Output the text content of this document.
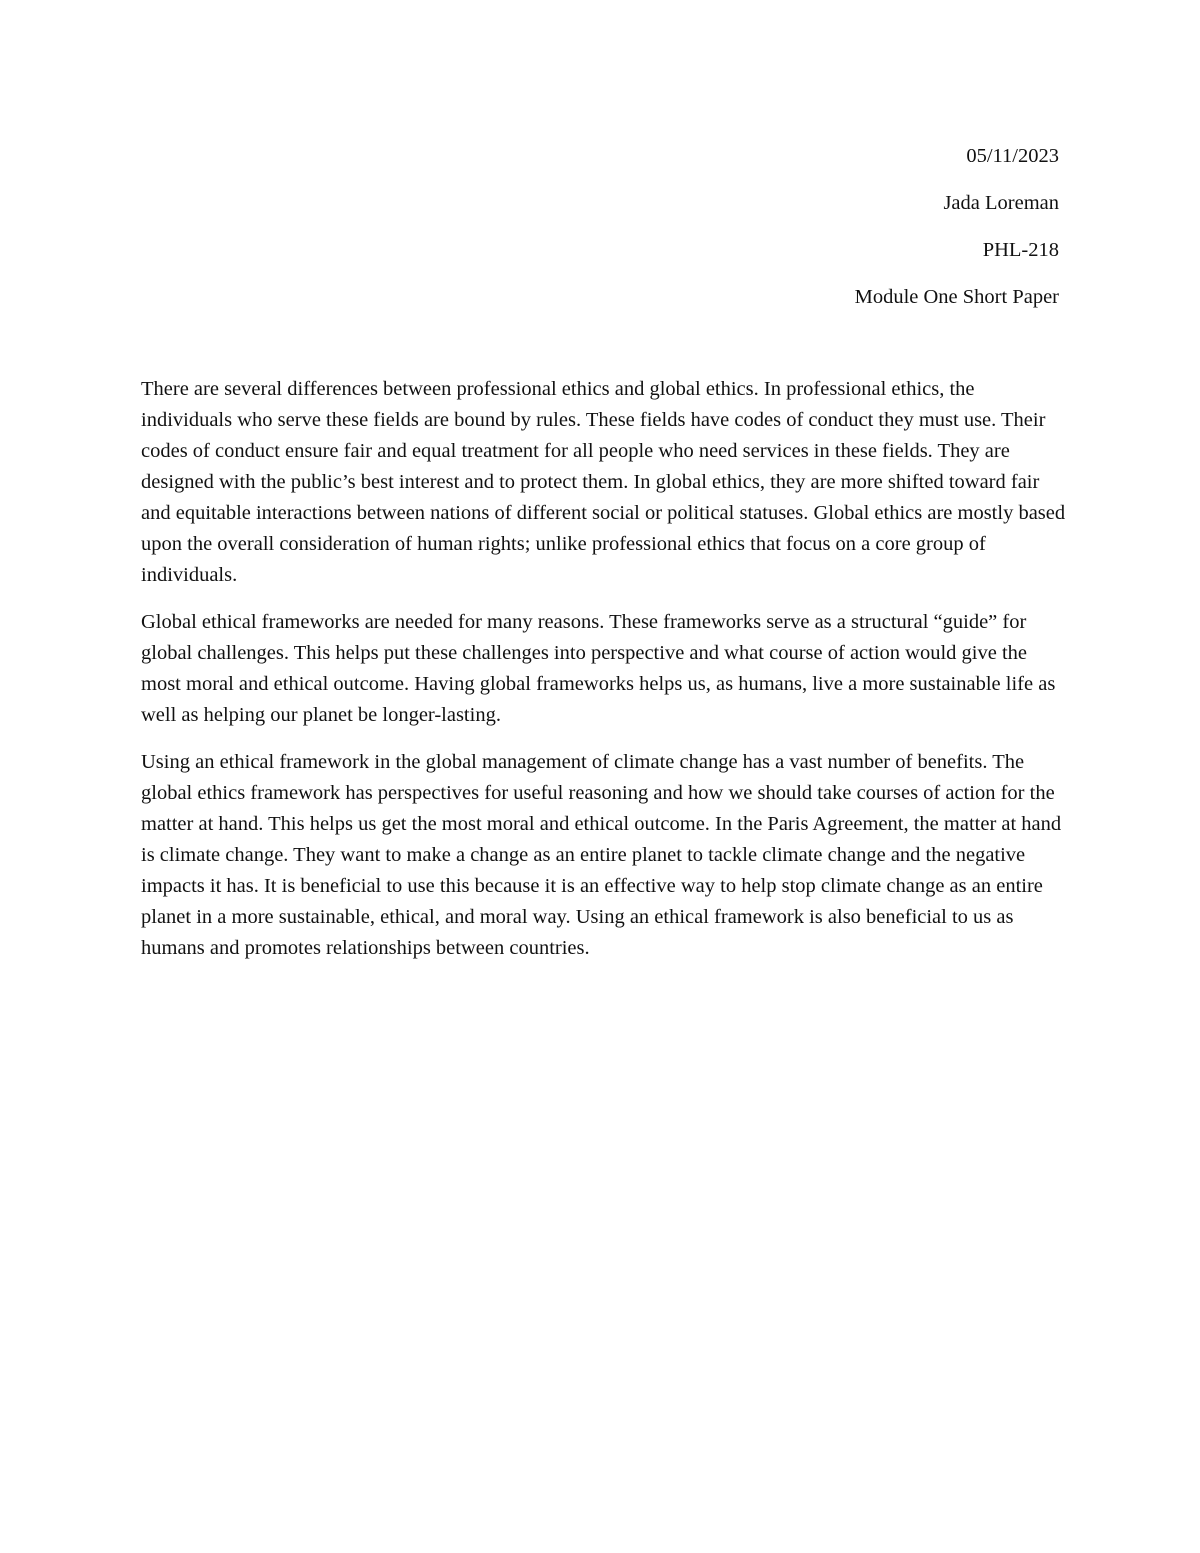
05/11/2023
Jada Loreman
PHL-218
Module One Short Paper

There are several differences between professional ethics and global ethics. In professional ethics, the individuals who serve these fields are bound by rules. These fields have codes of conduct they must use. Their codes of conduct ensure fair and equal treatment for all people who need services in these fields. They are designed with the public’s best interest and to protect them. In global ethics, they are more shifted toward fair and equitable interactions between nations of different social or political statuses. Global ethics are mostly based upon the overall consideration of human rights; unlike professional ethics that focus on a core group of individuals.

Global ethical frameworks are needed for many reasons. These frameworks serve as a structural “guide” for global challenges. This helps put these challenges into perspective and what course of action would give the most moral and ethical outcome. Having global frameworks helps us, as humans, live a more sustainable life as well as helping our planet be longer-lasting.

Using an ethical framework in the global management of climate change has a vast number of benefits. The global ethics framework has perspectives for useful reasoning and how we should take courses of action for the matter at hand. This helps us get the most moral and ethical outcome. In the Paris Agreement, the matter at hand is climate change. They want to make a change as an entire planet to tackle climate change and the negative impacts it has. It is beneficial to use this because it is an effective way to help stop climate change as an entire planet in a more sustainable, ethical, and moral way. Using an ethical framework is also beneficial to us as humans and promotes relationships between countries.
